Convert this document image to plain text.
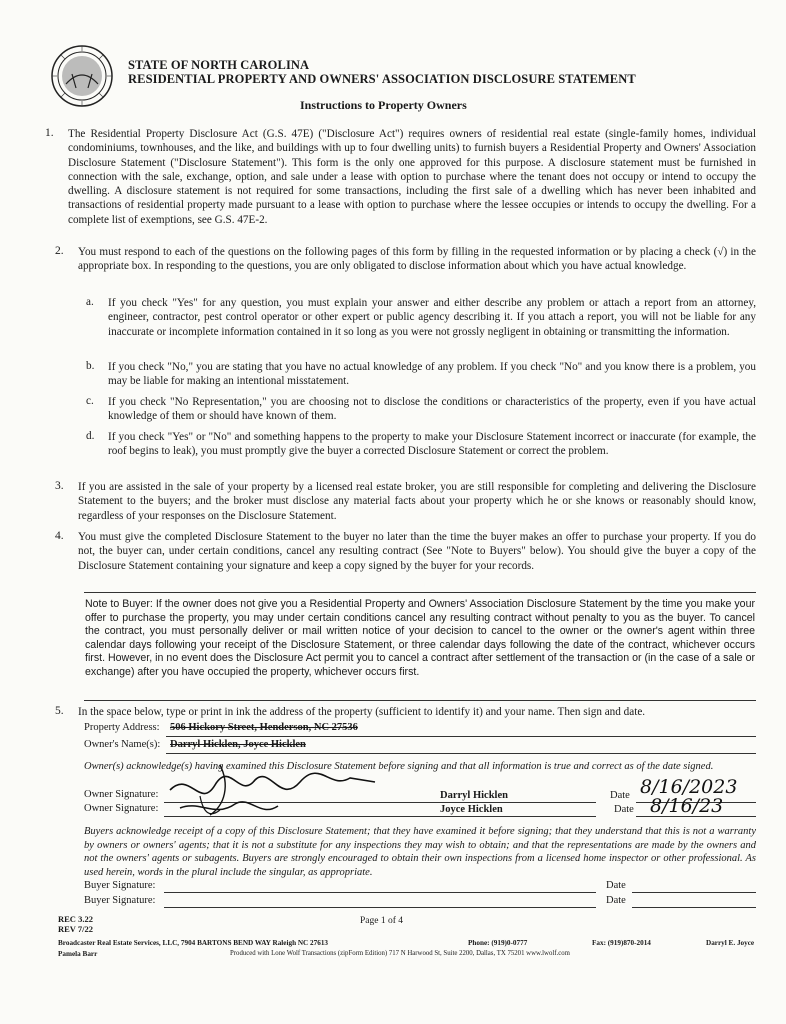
STATE OF NORTH CAROLINA
RESIDENTIAL PROPERTY AND OWNERS' ASSOCIATION DISCLOSURE STATEMENT
Instructions to Property Owners
1. The Residential Property Disclosure Act (G.S. 47E) ("Disclosure Act") requires owners of residential real estate (single-family homes, individual condominiums, townhouses, and the like, and buildings with up to four dwelling units) to furnish buyers a Residential Property and Owners' Association Disclosure Statement ("Disclosure Statement"). This form is the only one approved for this purpose. A disclosure statement must be furnished in connection with the sale, exchange, option, and sale under a lease with option to purchase where the tenant does not occupy or intend to occupy the dwelling. A disclosure statement is not required for some transactions, including the first sale of a dwelling which has never been inhabited and transactions of residential property made pursuant to a lease with option to purchase where the lessee occupies or intends to occupy the dwelling. For a complete list of exemptions, see G.S. 47E-2.
2. You must respond to each of the questions on the following pages of this form by filling in the requested information or by placing a check (√) in the appropriate box. In responding to the questions, you are only obligated to disclose information about which you have actual knowledge.
a. If you check "Yes" for any question, you must explain your answer and either describe any problem or attach a report from an attorney, engineer, contractor, pest control operator or other expert or public agency describing it. If you attach a report, you will not be liable for any inaccurate or incomplete information contained in it so long as you were not grossly negligent in obtaining or transmitting the information.
b. If you check "No," you are stating that you have no actual knowledge of any problem. If you check "No" and you know there is a problem, you may be liable for making an intentional misstatement.
c. If you check "No Representation," you are choosing not to disclose the conditions or characteristics of the property, even if you have actual knowledge of them or should have known of them.
d. If you check "Yes" or "No" and something happens to the property to make your Disclosure Statement incorrect or inaccurate (for example, the roof begins to leak), you must promptly give the buyer a corrected Disclosure Statement or correct the problem.
3. If you are assisted in the sale of your property by a licensed real estate broker, you are still responsible for completing and delivering the Disclosure Statement to the buyers; and the broker must disclose any material facts about your property which he or she knows or reasonably should know, regardless of your responses on the Disclosure Statement.
4. You must give the completed Disclosure Statement to the buyer no later than the time the buyer makes an offer to purchase your property. If you do not, the buyer can, under certain conditions, cancel any resulting contract (See "Note to Buyers" below). You should give the buyer a copy of the Disclosure Statement containing your signature and keep a copy signed by the buyer for your records.
Note to Buyer: If the owner does not give you a Residential Property and Owners' Association Disclosure Statement by the time you make your offer to purchase the property, you may under certain conditions cancel any resulting contract without penalty to you as the buyer. To cancel the contract, you must personally deliver or mail written notice of your decision to cancel to the owner or the owner's agent within three calendar days following your receipt of the Disclosure Statement, or three calendar days following the date of the contract, whichever occurs first. However, in no event does the Disclosure Act permit you to cancel a contract after settlement of the transaction or (in the case of a sale or exchange) after you have occupied the property, whichever occurs first.
5. In the space below, type or print in ink the address of the property (sufficient to identify it) and your name. Then sign and date.
Property Address: 506 Hickory Street, Henderson, NC 27536
Owner's Name(s): Darryl Hicklen, Joyce Hicklen
Owner(s) acknowledge(s) having examined this Disclosure Statement before signing and that all information is true and correct as of the date signed.
Owner Signature:	Darryl Hicklen	Date 8/16/2023
Owner Signature:	Joyce Hicklen	Date 8/16/23
Buyers acknowledge receipt of a copy of this Disclosure Statement; that they have examined it before signing; that they understand that this is not a warranty by owners or owners' agents; that it is not a substitute for any inspections they may wish to obtain; and that the representations are made by the owners and not the owners' agents or subagents. Buyers are strongly encouraged to obtain their own inspections from a licensed home inspector or other professional. As used herein, words in the plural include the singular, as appropriate.
Buyer Signature:	Date
Buyer Signature:	Date
REC 3.22
REV 7/22
Page 1 of 4
Broadcaster Real Estate Services, LLC, 7904 BARTONS BEND WAY Raleigh NC 27613	Phone: (919)0-0777	Fax: (919)870-2014	Darryl E. Joyce
Pamela Barr	Produced with Lone Wolf Transactions (zipForm Edition) 717 N Harwood St, Suite 2200, Dallas, TX 75201 www.lwolf.com
